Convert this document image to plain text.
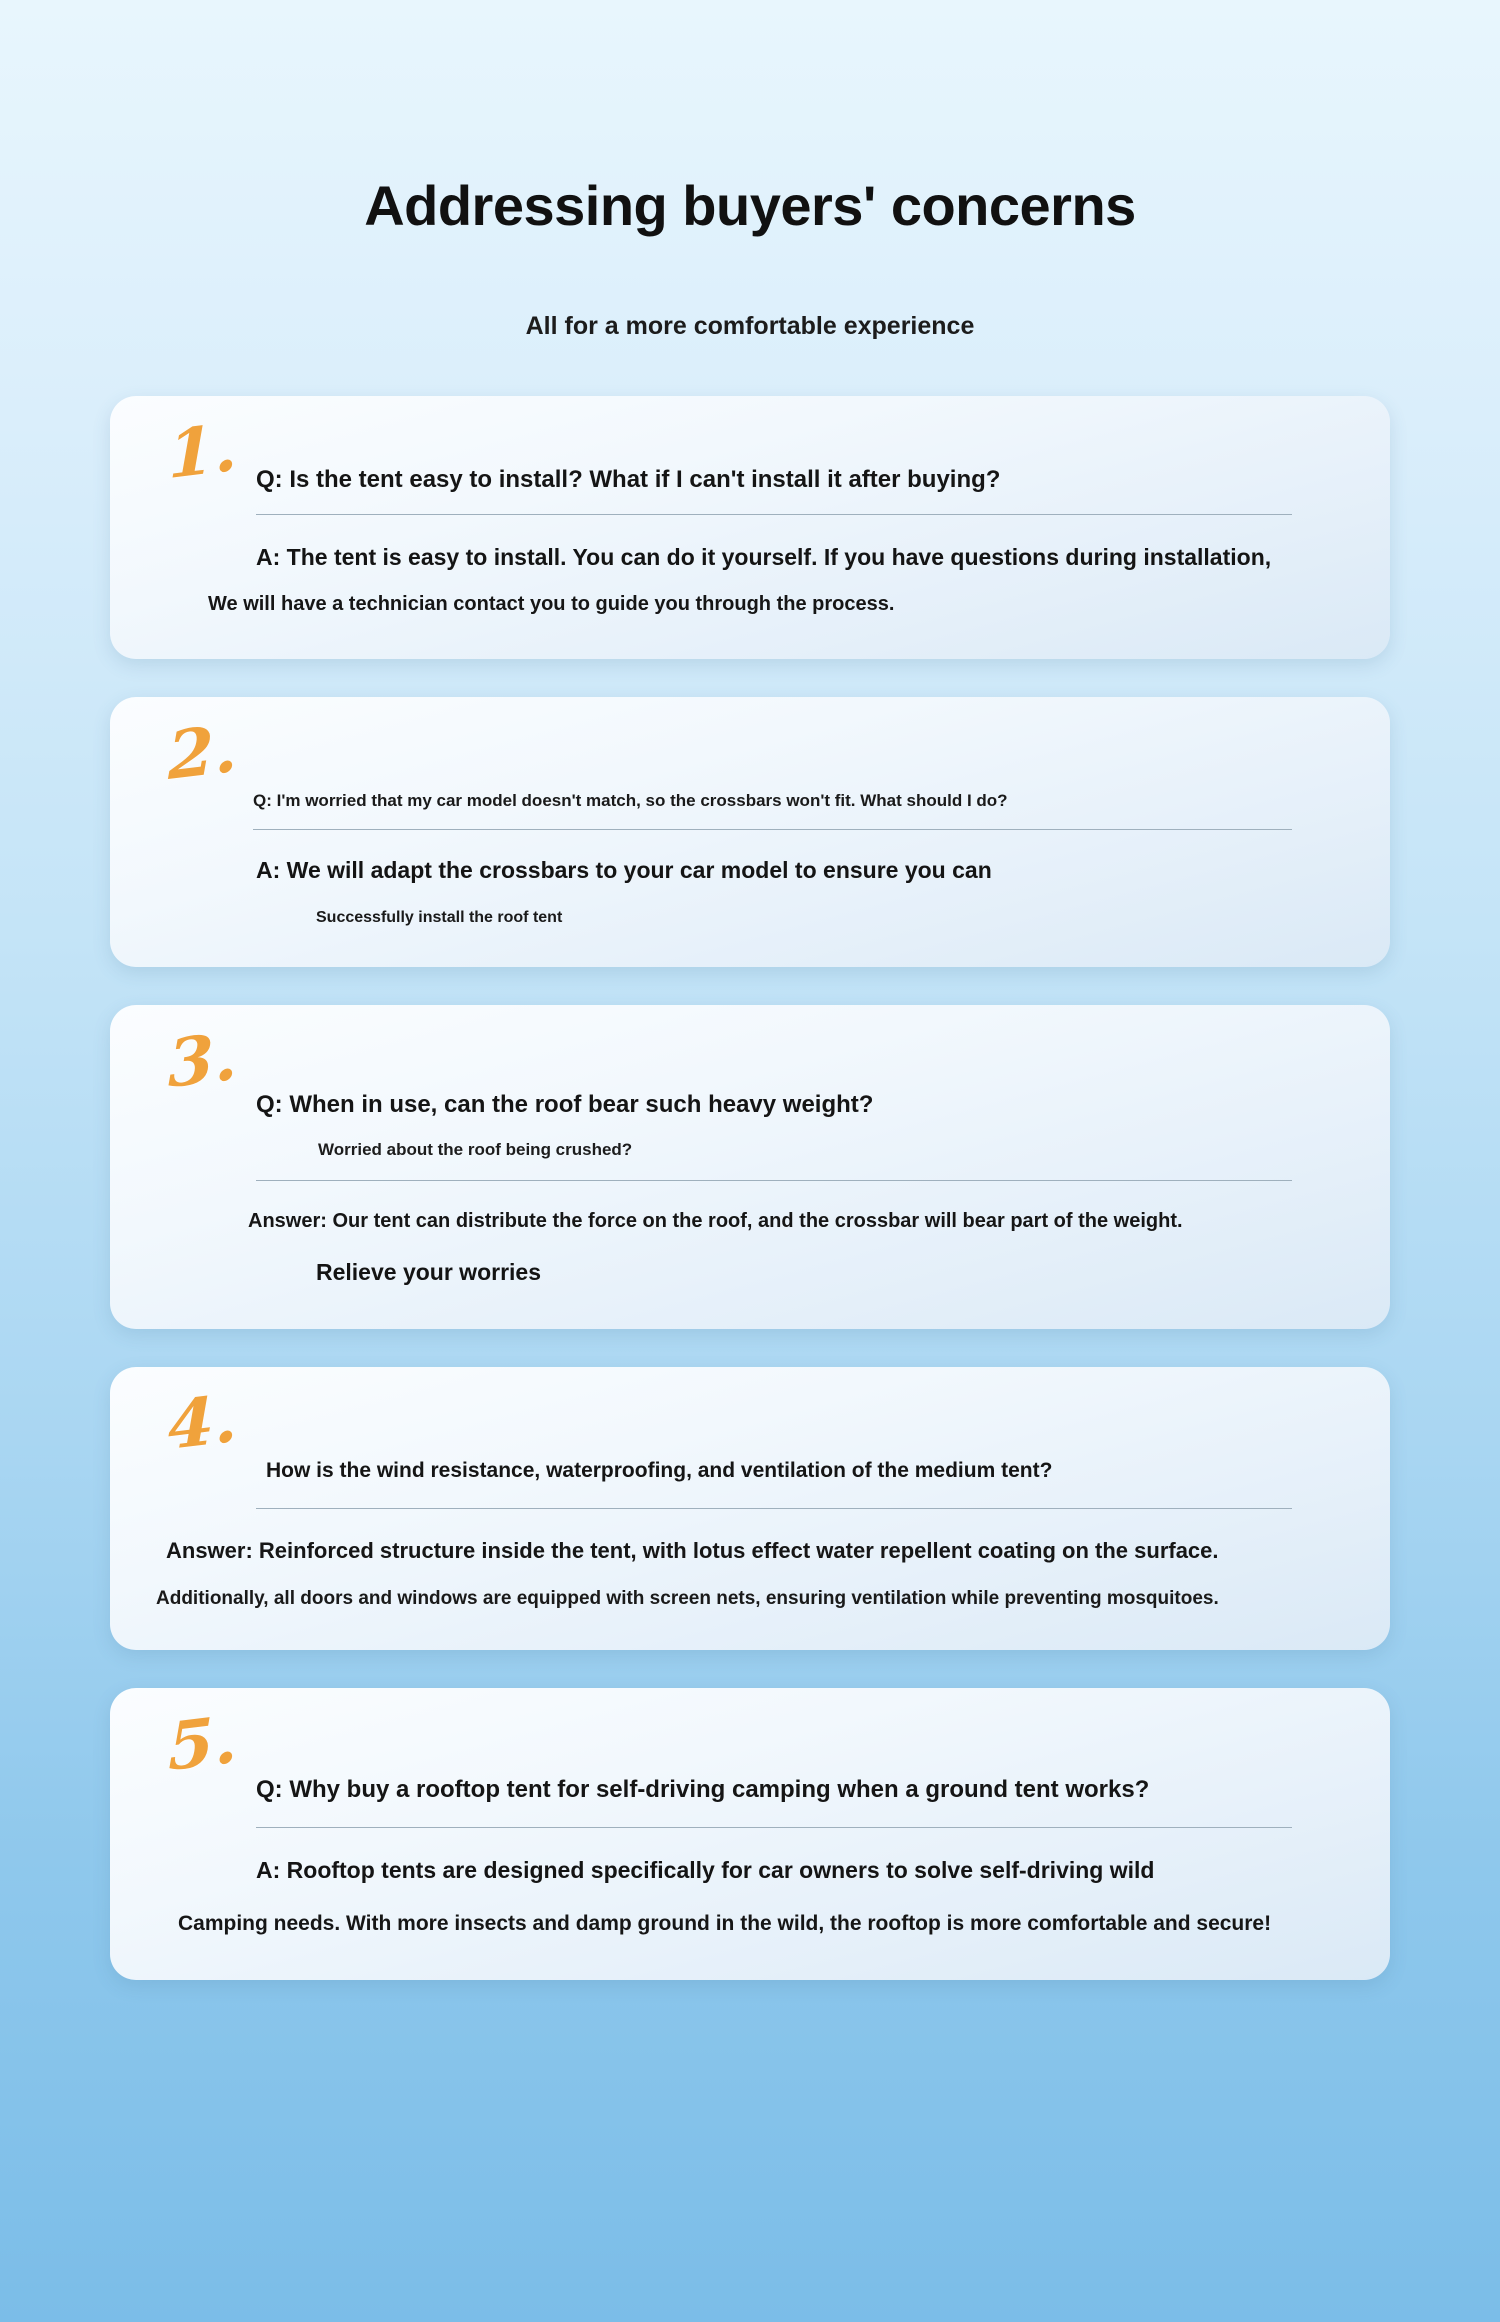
Addressing buyers' concerns
All for a more comfortable experience
1. Q: Is the tent easy to install? What if I can't install it after buying?
A: The tent is easy to install. You can do it yourself. If you have questions during installation,
We will have a technician contact you to guide you through the process.
2.
Q: I'm worried that my car model doesn't match, so the crossbars won't fit. What should I do?
A: We will adapt the crossbars to your car model to ensure you can
Successfully install the roof tent
3.
Q: When in use, can the roof bear such heavy weight?
Worried about the roof being crushed?
Answer: Our tent can distribute the force on the roof, and the crossbar will bear part of the weight.
Relieve your worries
4.
How is the wind resistance, waterproofing, and ventilation of the medium tent?
Answer: Reinforced structure inside the tent, with lotus effect water repellent coating on the surface.
Additionally, all doors and windows are equipped with screen nets, ensuring ventilation while preventing mosquitoes.
5.
Q: Why buy a rooftop tent for self-driving camping when a ground tent works?
A: Rooftop tents are designed specifically for car owners to solve self-driving wild
Camping needs. With more insects and damp ground in the wild, the rooftop is more comfortable and secure!
